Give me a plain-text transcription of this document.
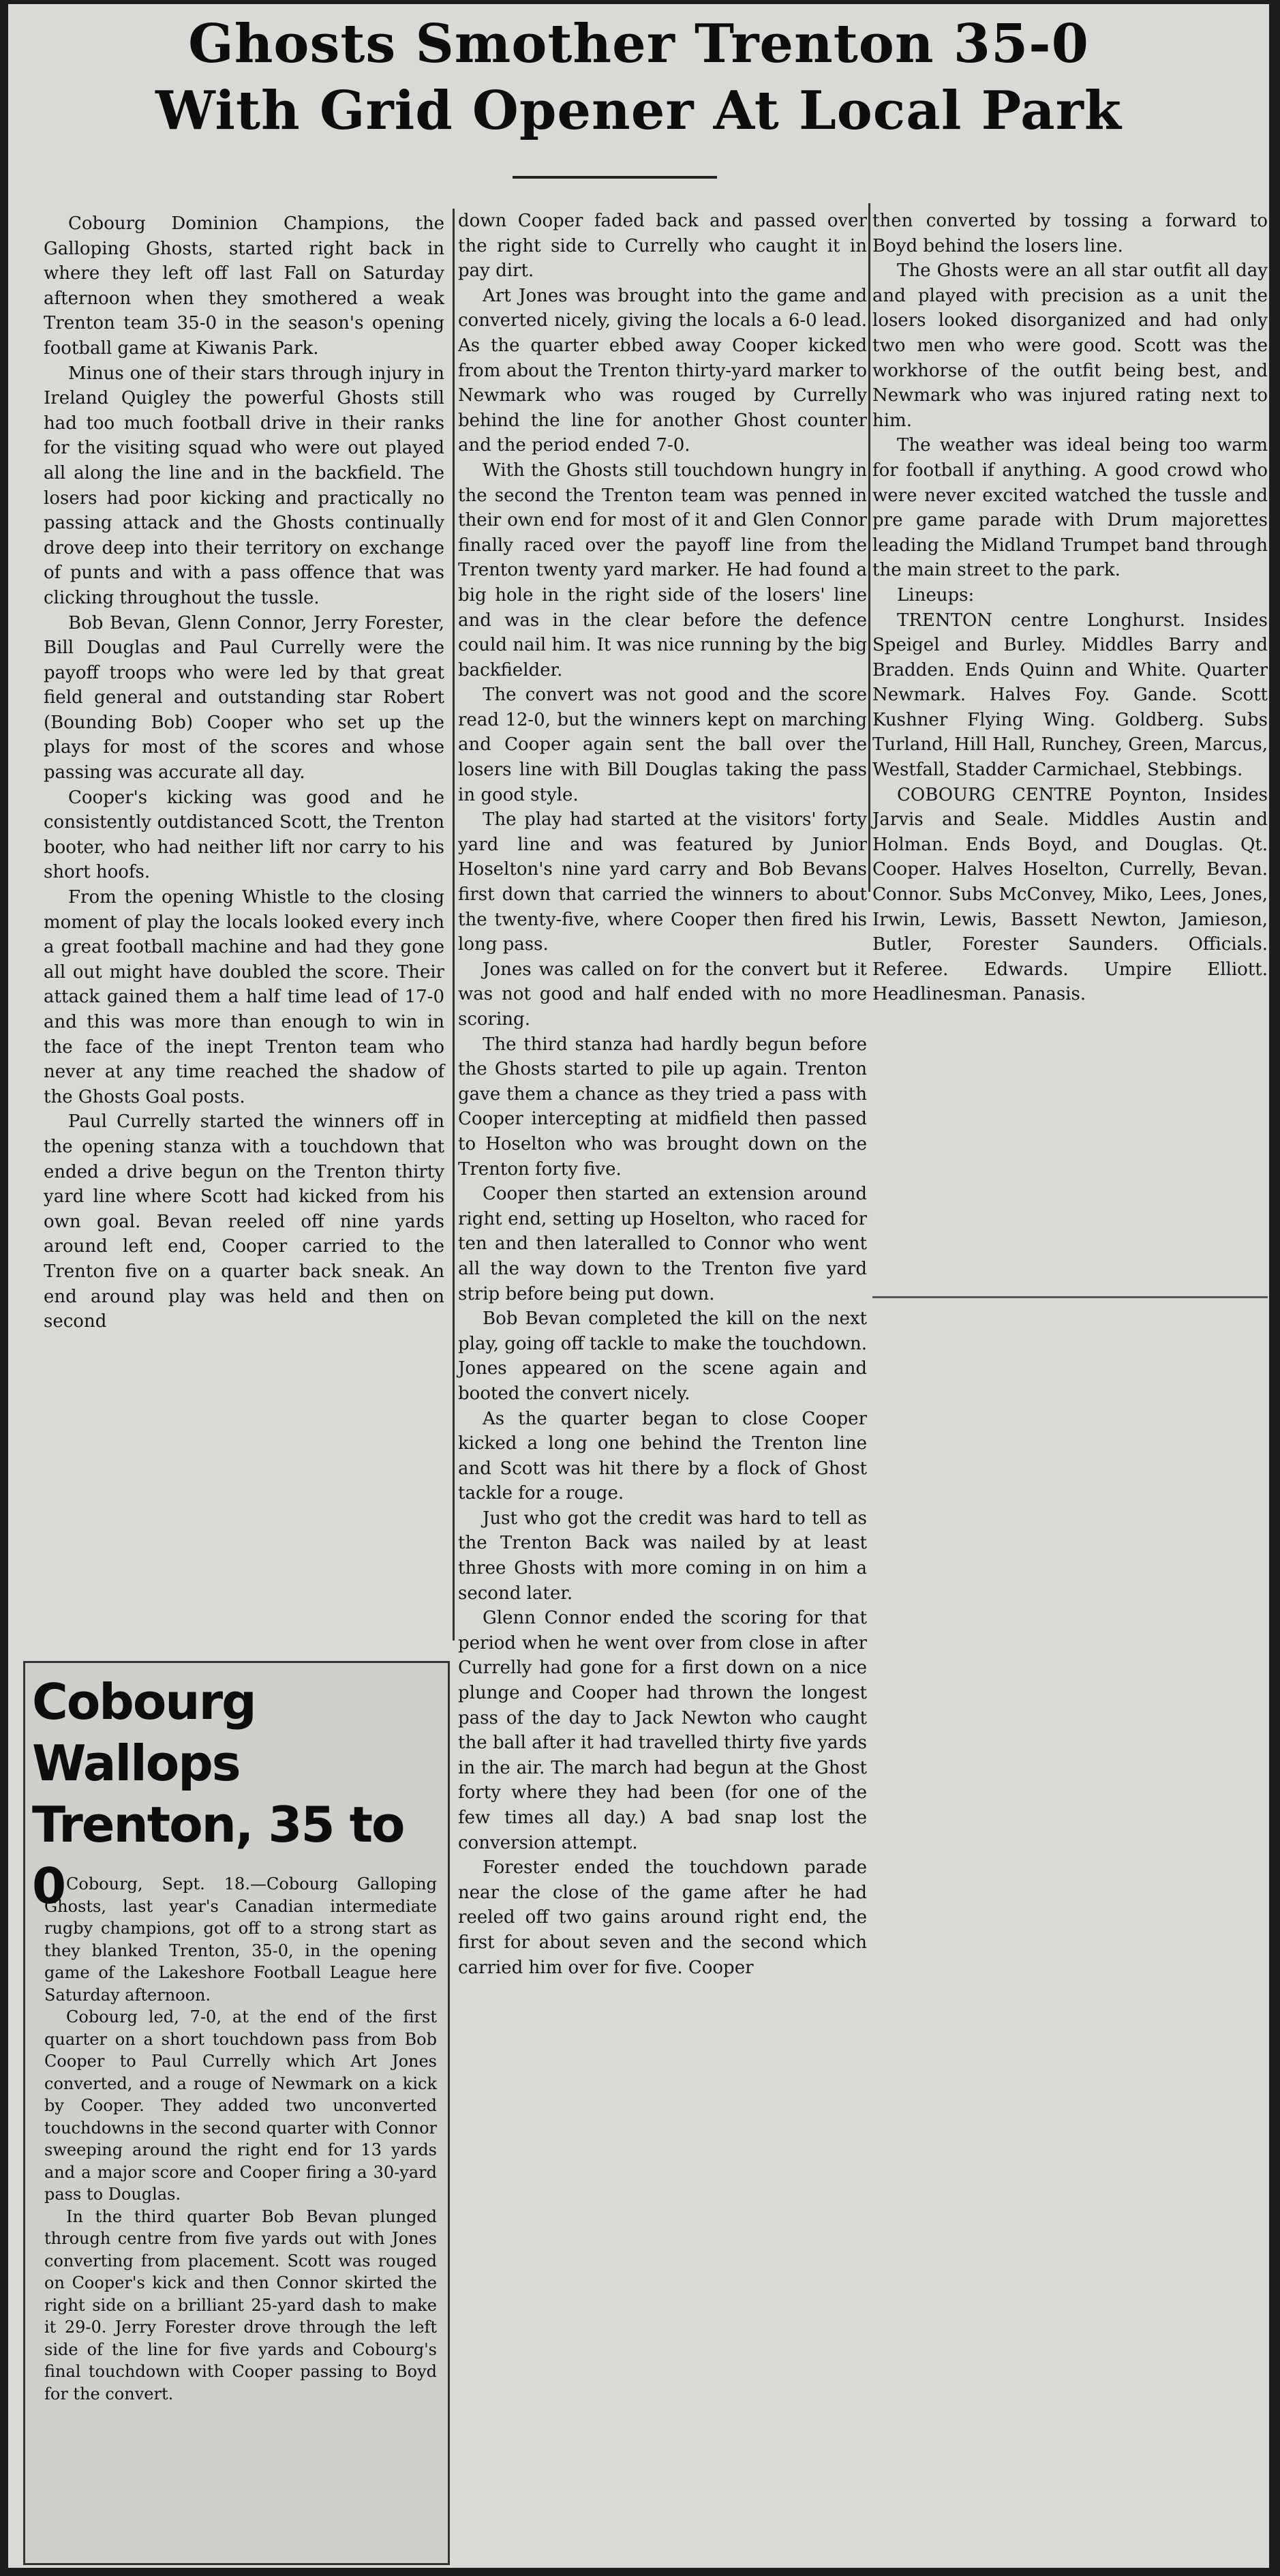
Ghosts Smother Trenton 35-0
With Grid Opener At Local Park

Cobourg Dominion Champions, the Galloping Ghosts, started right back in where they left off last Fall on Saturday afternoon when they smothered a weak Trenton team 35-0 in the season's opening football game at Kiwanis Park.

Minus one of their stars through injury in Ireland Quigley the powerful Ghosts still had too much football drive in their ranks for the visiting squad who were out played all along the line and in the backfield. The losers had poor kicking and practically no passing attack and the Ghosts continually drove deep into their territory on exchange of punts and with a pass offence that was clicking throughout the tussle.

Bob Bevan, Glenn Connor, Jerry Forester, Bill Douglas and Paul Currelly were the payoff troops who were led by that great field general and outstanding star Robert (Bounding Bob) Cooper who set up the plays for most of the scores and whose passing was accurate all day.

Cooper's kicking was good and he consistently outdistanced Scott, the Trenton booter, who had neither lift nor carry to his short hoofs.

From the opening Whistle to the closing moment of play the locals looked every inch a great football machine and had they gone all out might have doubled the score. Their attack gained them a half time lead of 17-0 and this was more than enough to win in the face of the inept Trenton team who never at any time reached the shadow of the Ghosts Goal posts.

Paul Currelly started the winners off in the opening stanza with a touchdown that ended a drive begun on the Trenton thirty yard line where Scott had kicked from his own goal. Bevan reeled off nine yards around left end, Cooper carried to the Trenton five on a quarter back sneak. An end around play was held and then on second

down Cooper faded back and passed over the right side to Currelly who caught it in pay dirt.

Art Jones was brought into the game and converted nicely, giving the locals a 6-0 lead. As the quarter ebbed away Cooper kicked from about the Trenton thirty-yard marker to Newmark who was rouged by Currelly behind the line for another Ghost counter and the period ended 7-0.

With the Ghosts still touchdown hungry in the second the Trenton team was penned in their own end for most of it and Glen Connor finally raced over the payoff line from the Trenton twenty yard marker. He had found a big hole in the right side of the losers' line and was in the clear before the defence could nail him. It was nice running by the big backfielder.

The convert was not good and the score read 12-0, but the winners kept on marching and Cooper again sent the ball over the losers line with Bill Douglas taking the pass in good style.

The play had started at the visitors' forty yard line and was featured by Junior Hoselton's nine yard carry and Bob Bevans first down that carried the winners to about the twenty-five, where Cooper then fired his long pass.

Jones was called on for the convert but it was not good and half ended with no more scoring.

The third stanza had hardly begun before the Ghosts started to pile up again. Trenton gave them a chance as they tried a pass with Cooper intercepting at midfield then passed to Hoselton who was brought down on the Trenton forty five.

Cooper then started an extension around right end, setting up Hoselton, who raced for ten and then lateralled to Connor who went all the way down to the Trenton five yard strip before being put down.

Bob Bevan completed the kill on the next play, going off tackle to make the touchdown. Jones appeared on the scene again and booted the convert nicely.

As the quarter began to close Cooper kicked a long one behind the Trenton line and Scott was hit there by a flock of Ghost tackle for a rouge.

Just who got the credit was hard to tell as the Trenton Back was nailed by at least three Ghosts with more coming in on him a second later.

Glenn Connor ended the scoring for that period when he went over from close in after Currelly had gone for a first down on a nice plunge and Cooper had thrown the longest pass of the day to Jack Newton who caught the ball after it had travelled thirty five yards in the air. The march had begun at the Ghost forty where they had been (for one of the few times all day.) A bad snap lost the conversion attempt.

Forester ended the touchdown parade near the close of the game after he had reeled off two gains around right end, the first for about seven and the second which carried him over for five. Cooper

then converted by tossing a forward to Boyd behind the losers line.

The Ghosts were an all star outfit all day and played with precision as a unit the losers looked disorganized and had only two men who were good. Scott was the workhorse of the outfit being best, and Newmark who was injured rating next to him.

The weather was ideal being too warm for football if anything. A good crowd who were never excited watched the tussle and pre game parade with Drum majorettes leading the Midland Trumpet band through the main street to the park.

Lineups:

TRENTON centre Longhurst. Insides Speigel and Burley. Middles Barry and Bradden. Ends Quinn and White. Quarter Newmark. Halves Foy. Gande. Scott Kushner Flying Wing. Goldberg. Subs Turland, Hill Hall, Runchey, Green, Marcus, Westfall, Stadder Carmichael, Stebbings.

COBOURG CENTRE Poynton, Insides Jarvis and Seale. Middles Austin and Holman. Ends Boyd, and Douglas. Qt. Cooper. Halves Hoselton, Currelly, Bevan. Connor. Subs McConvey, Miko, Lees, Jones, Irwin, Lewis, Bassett Newton, Jamieson, Butler, Forester Saunders. Officials. Referee. Edwards. Umpire Elliott. Headlinesman. Panasis.

Cobourg Wallops
Trenton, 35 to 0 Cobourg, Sept. 18.—Cobourg Galloping Ghosts, last year's Canadian intermediate rugby champions, got off to a strong start as they blanked Trenton, 35-0, in the opening game of the Lakeshore Football League here Saturday afternoon.

Cobourg led, 7-0, at the end of the first quarter on a short touchdown pass from Bob Cooper to Paul Currelly which Art Jones converted, and a rouge of Newmark on a kick by Cooper. They added two unconverted touchdowns in the second quarter with Connor sweeping around the right end for 13 yards and a major score and Cooper firing a 30-yard pass to Douglas.

In the third quarter Bob Bevan plunged through centre from five yards out with Jones converting from placement. Scott was rouged on Cooper's kick and then Connor skirted the right side on a brilliant 25-yard dash to make it 29-0. Jerry Forester drove through the left side of the line for five yards and Cobourg's final touchdown with Cooper passing to Boyd for the convert.
